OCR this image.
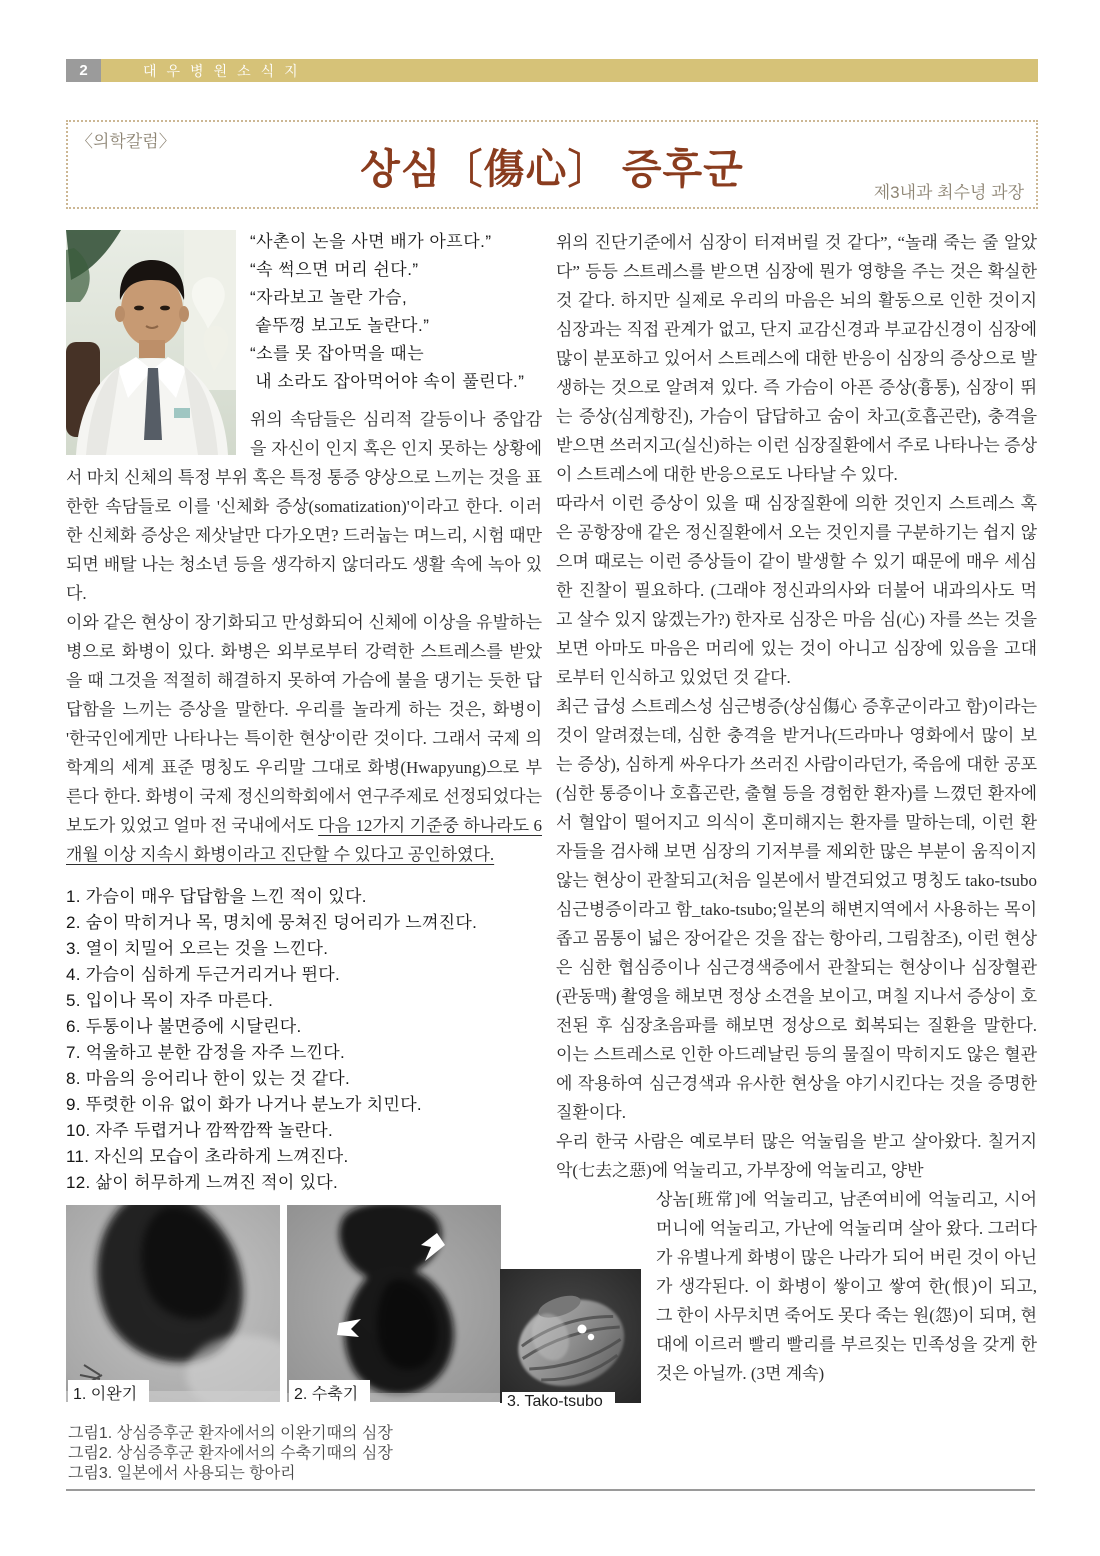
2	대우병원소식지
〈의학칼럼〉
상심〔傷心〕 증후군
제3내과 최수녕 과장
“사촌이 논을 사면 배가 아프다.”
“속 썩으면 머리 쉰다.”
“자라보고 놀란 가슴,
솥뚜껑 보고도 놀란다.”
“소를 못 잡아먹을 때는
내 소라도 잡아먹어야 속이 풀린다.”

위의 속담들은 심리적 갈등이나 중압감을 자신이 인지 혹은 인지 못하는 상황에서 마치 신체의 특정 부위 혹은 특정 통증 양상으로 느끼는 것을 표한한 속담들로 이를 '신체화 증상(somatization)'이라고 한다. 이러한 신체화 증상은 제삿날만 다가오면? 드러눕는 며느리, 시험 때만 되면 배탈 나는 청소년 등을 생각하지 않더라도 생활 속에 녹아 있다.

이와 같은 현상이 장기화되고 만성화되어 신체에 이상을 유발하는 병으로 화병이 있다. 화병은 외부로부터 강력한 스트레스를 받았을 때 그것을 적절히 해결하지 못하여 가슴에 불을 댕기는 듯한 답답함을 느끼는 증상을 말한다. 우리를 놀라게 하는 것은, 화병이 '한국인에게만 나타나는 특이한 현상'이란 것이다. 그래서 국제 의학계의 세계 표준 명칭도 우리말 그대로 화병(Hwapyung)으로 부른다 한다. 화병이 국제 정신의학회에서 연구주제로 선정되었다는 보도가 있었고 얼마 전 국내에서도 다음 12가지 기준중 하나라도 6개월 이상 지속시 화병이라고 진단할 수 있다고 공인하였다.

1. 가슴이 매우 답답함을 느낀 적이 있다.
2. 숨이 막히거나 목, 명치에 뭉쳐진 덩어리가 느껴진다.
3. 열이 치밀어 오르는 것을 느낀다.
4. 가슴이 심하게 두근거리거나 뛴다.
5. 입이나 목이 자주 마른다.
6. 두통이나 불면증에 시달린다.
7. 억울하고 분한 감정을 자주 느낀다.
8. 마음의 응어리나 한이 있는 것 같다.
9. 뚜렷한 이유 없이 화가 나거나 분노가 치민다.
10. 자주 두렵거나 깜짝깜짝 놀란다.
11. 자신의 모습이 초라하게 느껴진다.
12. 삶이 허무하게 느껴진 적이 있다.

위의 진단기준에서 심장이 터져버릴 것 같다”, “놀래 죽는 줄 알았다” 등등 스트레스를 받으면 심장에 뭔가 영향을 주는 것은 확실한 것 같다. 하지만 실제로 우리의 마음은 뇌의 활동으로 인한 것이지 심장과는 직접 관계가 없고, 단지 교감신경과 부교감신경이 심장에 많이 분포하고 있어서 스트레스에 대한 반응이 심장의 증상으로 발생하는 것으로 알려져 있다. 즉 가슴이 아픈 증상(흉통), 심장이 뛰는 증상(심계항진), 가슴이 답답하고 숨이 차고(호흡곤란), 충격을 받으면 쓰러지고(실신)하는 이런 심장질환에서 주로 나타나는 증상이 스트레스에 대한 반응으로도 나타날 수 있다.

따라서 이런 증상이 있을 때 심장질환에 의한 것인지 스트레스 혹은 공항장애 같은 정신질환에서 오는 것인지를 구분하기는 쉽지 않으며 때로는 이런 증상들이 같이 발생할 수 있기 때문에 매우 세심한 진찰이 필요하다. (그래야 정신과의사와 더불어 내과의사도 먹고 살수 있지 않겠는가?) 한자로 심장은 마음 심(心) 자를 쓰는 것을 보면 아마도 마음은 머리에 있는 것이 아니고 심장에 있음을 고대로부터 인식하고 있었던 것 같다.

최근 급성 스트레스성 심근병증(상심傷心 증후군이라고 함)이라는 것이 알려졌는데, 심한 충격을 받거나(드라마나 영화에서 많이 보는 증상), 심하게 싸우다가 쓰러진 사람이라던가, 죽음에 대한 공포(심한 통증이나 호흡곤란, 출혈 등을 경험한 환자)를 느꼈던 환자에서 혈압이 떨어지고 의식이 혼미해지는 환자를 말하는데, 이런 환자들을 검사해 보면 심장의 기저부를 제외한 많은 부분이 움직이지 않는 현상이 관찰되고(처음 일본에서 발견되었고 명칭도 tako-tsubo 심근병증이라고 함_tako-tsubo;일본의 해변지역에서 사용하는 목이 좁고 몸통이 넓은 장어같은 것을 잡는 항아리, 그림참조), 이런 현상은 심한 협심증이나 심근경색증에서 관찰되는 현상이나 심장혈관(관동맥) 촬영을 해보면 정상 소견을 보이고, 며칠 지나서 증상이 호전된 후 심장초음파를 해보면 정상으로 회복되는 질환을 말한다. 이는 스트레스로 인한 아드레날린 등의 물질이 막히지도 않은 혈관에 작용하여 심근경색과 유사한 현상을 야기시킨다는 것을 증명한 질환이다.

우리 한국 사람은 예로부터 많은 억눌림을 받고 살아왔다. 칠거지악(七去之惡)에 억눌리고, 가부장에 억눌리고, 양반

상놈[班常]에 억눌리고, 남존여비에 억눌리고, 시어머니에 억눌리고, 가난에 억눌리며 살아 왔다. 그러다가 유별나게 화병이 많은 나라가 되어 버린 것이 아닌가 생각된다. 이 화병이 쌓이고 쌓여 한(恨)이 되고, 그 한이 사무치면 죽어도 못다 죽는 원(怨)이 되며, 현대에 이르러 빨리 빨리를 부르짖는 민족성을 갖게 한 것은 아닐까. (3면 계속)

1. 이완기	2. 수축기	3. Tako-tsubo
그림1. 상심증후군 환자에서의 이완기때의 심장
그림2. 상심증후군 환자에서의 수축기때의 심장
그림3. 일본에서 사용되는 항아리
